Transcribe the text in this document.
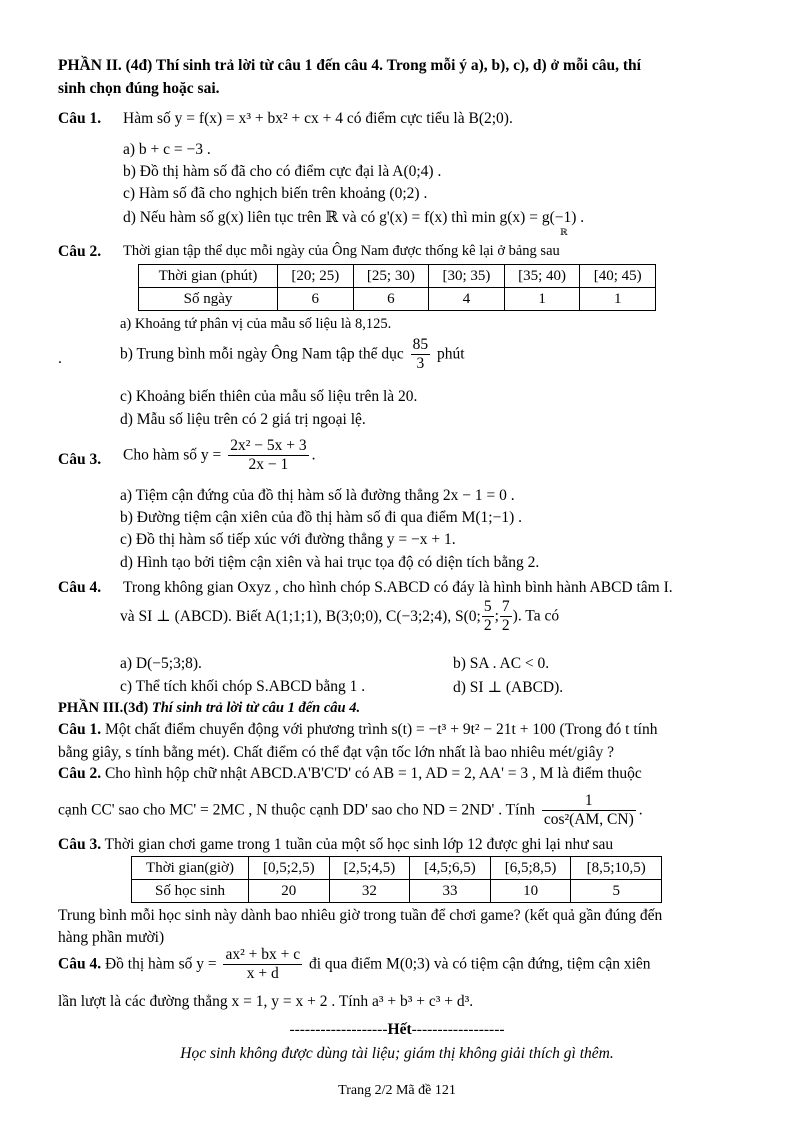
PHẦN II. (4đ) Thí sinh trả lời từ câu 1 đến câu 4. Trong mỗi ý a), b), c), d) ở mỗi câu, thí
sinh chọn đúng hoặc sai.
Câu 1. Hàm số y = f(x) = x³ + bx² + cx + 4 có điểm cực tiểu là B(2;0).
a) b + c = −3 .
b) Đồ thị hàm số đã cho có điểm cực đại là A(0;4) .
c) Hàm số đã cho nghịch biến trên khoảng (0;2) .
d) Nếu hàm số g(x) liên tục trên ℝ và có g'(x) = f(x) thì min g(x) = g(−1) .
ℝ
Câu 2. Thời gian tập thể dục mỗi ngày của Ông Nam được thống kê lại ở bảng sau
Thời gian (phút)	[20; 25)	[25; 30)	[30; 35)	[35; 40)	[40; 45)
Số ngày	6	6	4	1	1
a) Khoảng tứ phân vị của mẫu số liệu là 8,125.
.	b) Trung bình mỗi ngày Ông Nam tập thể dục $\frac{85}{3}$ phút
c) Khoảng biến thiên của mẫu số liệu trên là 20.
d) Mẫu số liệu trên có 2 giá trị ngoại lệ.
Câu 3. Cho hàm số $y = \frac{\text{2x² − 5x + 3}}{2x - 1}$ .
a) Tiệm cận đứng của đồ thị hàm số là đường thẳng 2x − 1 = 0 .
b) Đường tiệm cận xiên của đồ thị hàm số đi qua điểm M(1;−1) .
c) Đồ thị hàm số tiếp xúc với đường thẳng y = −x + 1.
d) Hình tạo bởi tiệm cận xiên và hai trục tọa độ có diện tích bằng 2.
Câu 4. Trong không gian Oxyz , cho hình chóp S.ABCD có đáy là hình bình hành ABCD tâm I.
và SI ⊥ (ABCD). Biết A(1;1;1), B(3;0;0), C(−3;2;4), S(0; $\frac{5}{2}$ ; $\frac{7}{2}$ ). Ta có
a) D(−5;3;8).	b) SA . AC < 0.
c) Thể tích khối chóp S.ABCD bằng 1 .	d) SI ⊥ (ABCD).
PHẦN III.(3đ) Thí sinh trả lời từ câu 1 đến câu 4.
Câu 1. Một chất điểm chuyển động với phương trình s(t) = −t³ + 9t² − 21t + 100 (Trong đó t tính
bằng giây, s tính bằng mét). Chất điểm có thể đạt vận tốc lớn nhất là bao nhiêu mét/giây ?
Câu 2. Cho hình hộp chữ nhật ABCD.A'B'C'D' có AB = 1, AD = 2, AA' = 3 , M là điểm thuộc
cạnh CC' sao cho MC' = 2MC , N thuộc cạnh DD' sao cho ND = 2ND' . Tính $\frac{1}{\text{cos²(AM, CN)}}$ .
Câu 3. Thời gian chơi game trong 1 tuần của một số học sinh lớp 12 được ghi lại như sau
Thời gian(giờ)	[0,5;2,5)	[2,5;4,5)	[4,5;6,5)	[6,5;8,5)	[8,5;10,5)
Số học sinh	20	32	33	10	5
Trung bình mỗi học sinh này dành bao nhiêu giờ trong tuần để chơi game? (kết quả gần đúng đến
hàng phần mười)
Câu 4. Đồ thị hàm số $y = \frac{\text{ax² + bx + c}}{x + d}$ đi qua điểm M(0;3) và có tiệm cận đứng, tiệm cận xiên
lần lượt là các đường thẳng x = 1, y = x + 2 . Tính a³ + b³ + c³ + d³.
-------------------Hết------------------
Học sinh không được dùng tài liệu; giám thị không giải thích gì thêm.
Trang 2/2 Mã đề 121
